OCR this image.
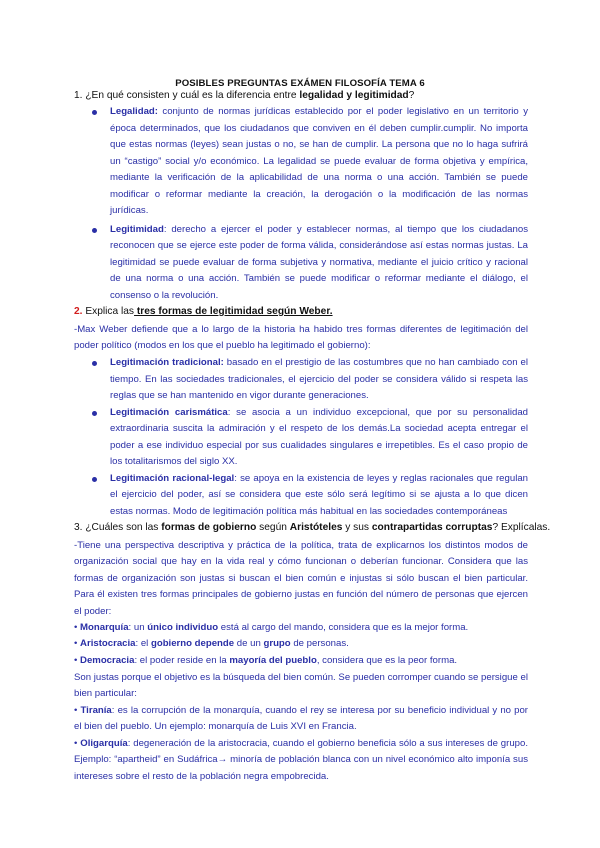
POSIBLES PREGUNTAS EXÁMEN FILOSOFÍA TEMA 6
1. ¿En qué consisten y cuál es la diferencia entre legalidad y legitimidad?
Legalidad: conjunto de normas jurídicas establecido por el poder legislativo en un territorio y época determinados, que los ciudadanos que conviven en él deben cumplir.cumplir. No importa que estas normas (leyes) sean justas o no, se han de cumplir. La persona que no lo haga sufrirá un “castigo” social y/o económico. La legalidad se puede evaluar de forma objetiva y empírica, mediante la verificación de la aplicabilidad de una norma o una acción. También se puede modificar o reformar mediante la creación, la derogación o la modificación de las normas jurídicas.
Legitimidad: derecho a ejercer el poder y establecer normas, al tiempo que los ciudadanos reconocen que se ejerce este poder de forma válida, considerándose así estas normas justas. La legitimidad se puede evaluar de forma subjetiva y normativa, mediante el juicio crítico y racional de una norma o una acción. También se puede modificar o reformar mediante el diálogo, el consenso o la revolución.
2. Explica las tres formas de legitimidad según Weber.

-Max Weber defiende que a lo largo de la historia ha habido tres formas diferentes de legitimación del poder político (modos en los que el pueblo ha legitimado el gobierno):

Legitimación tradicional: basado en el prestigio de las costumbres que no han cambiado con el tiempo. En las sociedades tradicionales, el ejercicio del poder se considera válido si respeta las reglas que se han mantenido en vigor durante generaciones.
Legitimación carismática: se asocia a un individuo excepcional, que por su personalidad extraordinaria suscita la admiración y el respeto de los demás.La sociedad acepta entregar el poder a ese individuo especial por sus cualidades singulares e irrepetibles. Es el caso propio de los totalitarismos del siglo XX.
Legitimación racional-legal: se apoya en la existencia de leyes y reglas racionales que regulan el ejercicio del poder, así se considera que este sólo será legítimo si se ajusta a lo que dicen estas normas. Modo de legitimación política más habitual en las sociedades contemporáneas
3. ¿Cuáles son las formas de gobierno según Aristóteles y sus contrapartidas corruptas? Explícalas.

-Tiene una perspectiva descriptiva y práctica de la política, trata de explicarnos los distintos modos de organización social que hay en la vida real y cómo funcionan o deberían funcionar. Considera que las formas de organización son justas si buscan el bien común e injustas si sólo buscan el bien particular. Para él existen tres formas principales de gobierno justas en función del número de personas que ejercen el poder:

• Monarquía: un único individuo está al cargo del mando, considera que es la mejor forma.
• Aristocracia: el gobierno depende de un grupo de personas.
• Democracia: el poder reside en la mayoría del pueblo, considera que es la peor forma.

Son justas porque el objetivo es la búsqueda del bien común. Se pueden corromper cuando se persigue el bien particular:

• Tiranía: es la corrupción de la monarquía, cuando el rey se interesa por su beneficio individual y no por el bien del pueblo. Un ejemplo: monarquía de Luis XVI en Francia.
• Oligarquía: degeneración de la aristocracia, cuando el gobierno beneficia sólo a sus intereses de grupo. Ejemplo: “apartheid” en Sudáfrica→ minoría de población blanca con un nivel económico alto imponía sus intereses sobre el resto de la población negra empobrecida.
